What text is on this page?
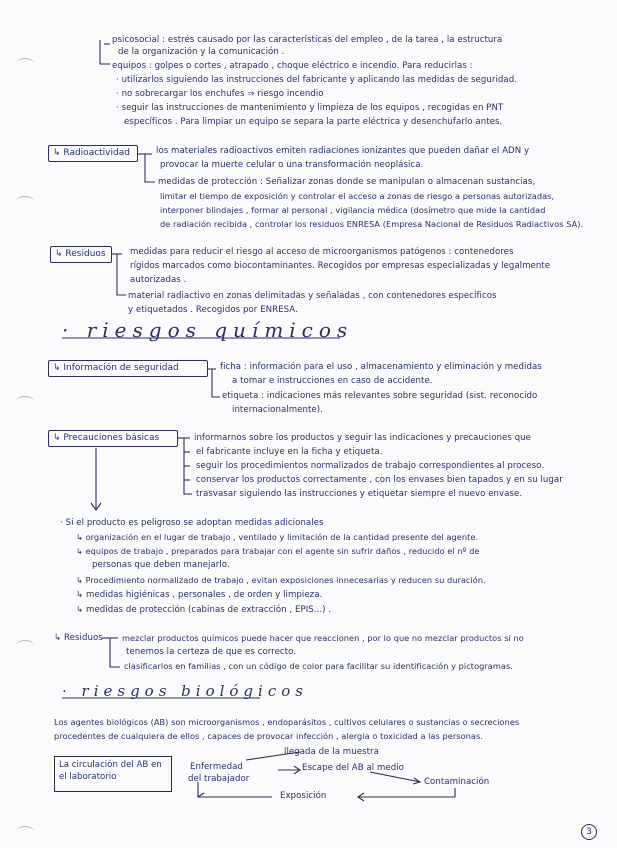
psicosocial : estrés causado por las características del empleo , de la tarea , la estructura
de la organización y la comunicación .
equipos : golpes o cortes , atrapado , choque eléctrico e incendio. Para reducirlas :
· utilizarlos siguiendo las instrucciones del fabricante y aplicando las medidas de seguridad.
· no sobrecargar los enchufes ⇒ riesgo incendio
· seguir las instrucciones de mantenimiento y limpieza de los equipos , recogidas en PNT
específicos . Para limpiar un equipo se separa la parte eléctrica y desenchufarlo antes.
↳ Radioactividad	los materiales radioactivos emiten radiaciones ionizantes que pueden dañar el ADN y
provocar la muerte celular o una transformación neoplásica.
medidas de protección : Señalizar zonas donde se manipulan o almacenan sustancias,
limitar el tiempo de exposición y controlar el acceso a zonas de riesgo a personas autorizadas,
interponer blindajes , formar al personal , vigilancia médica (dosímetro que mide la cantidad
de radiación recibida , controlar los residuos ENRESA (Empresa Nacional de Residuos Radiactivos SA).
↳ Residuos	medidas para reducir el riesgo al acceso de microorganismos patógenos : contenedores
rígidos marcados como biocontaminantes. Recogidos por empresas especializadas y legalmente
autorizadas .
material radiactivo en zonas delimitadas y señaladas , con contenedores específicos
y etiquetados . Recogidos por ENRESA.
· riesgos químicos
↳ Información de seguridad	ficha : información para el uso , almacenamiento y eliminación y medidas
a tomar e instrucciones en caso de accidente.
etiqueta : indicaciones más relevantes sobre seguridad (sist. reconocido
internacionalmente).
↳ Precauciones básicas	informarnos sobre los productos y seguir las indicaciones y precauciones que
el fabricante incluye en la ficha y etiqueta.
seguir los procedimientos normalizados de trabajo correspondientes al proceso.
conservar los productos correctamente , con los envases bien tapados y en su lugar
trasvasar siguiendo las instrucciones y etiquetar siempre el nuevo envase.
· Si el producto es peligroso se adoptan medidas adicionales
↳ organización en el lugar de trabajo , ventilado y limitación de la cantidad presente del agente.
↳ equipos de trabajo , preparados para trabajar con el agente sin sufrir daños , reducido el nº de
personas que deben manejarlo.
↳ Procedimiento normalizado de trabajo , evitan exposiciones innecesarias y reducen su duración.
↳ medidas higiénicas , personales , de orden y limpieza.
↳ medidas de protección (cabinas de extracción , EPIS...) .
↳ Residuos mezclar productos químicos puede hacer que reaccionen , por lo que no mezclar productos si no
tenemos la certeza de que es correcto.
clasificarlos en familias , con un código de color para facilitar su identificación y pictogramas.
· riesgos biológicos
Los agentes biológicos (AB) son microorganismos , endoparásitos , cultivos celulares o sustancias o secreciones
procedentes de cualquiera de ellos , capaces de provocar infección , alergia o toxicidad a las personas.
La circulación del AB en el laboratorio
llegada de la muestra
Enfermedad
del trabajador
Escape del AB al medio
Contaminación
Exposición
3
